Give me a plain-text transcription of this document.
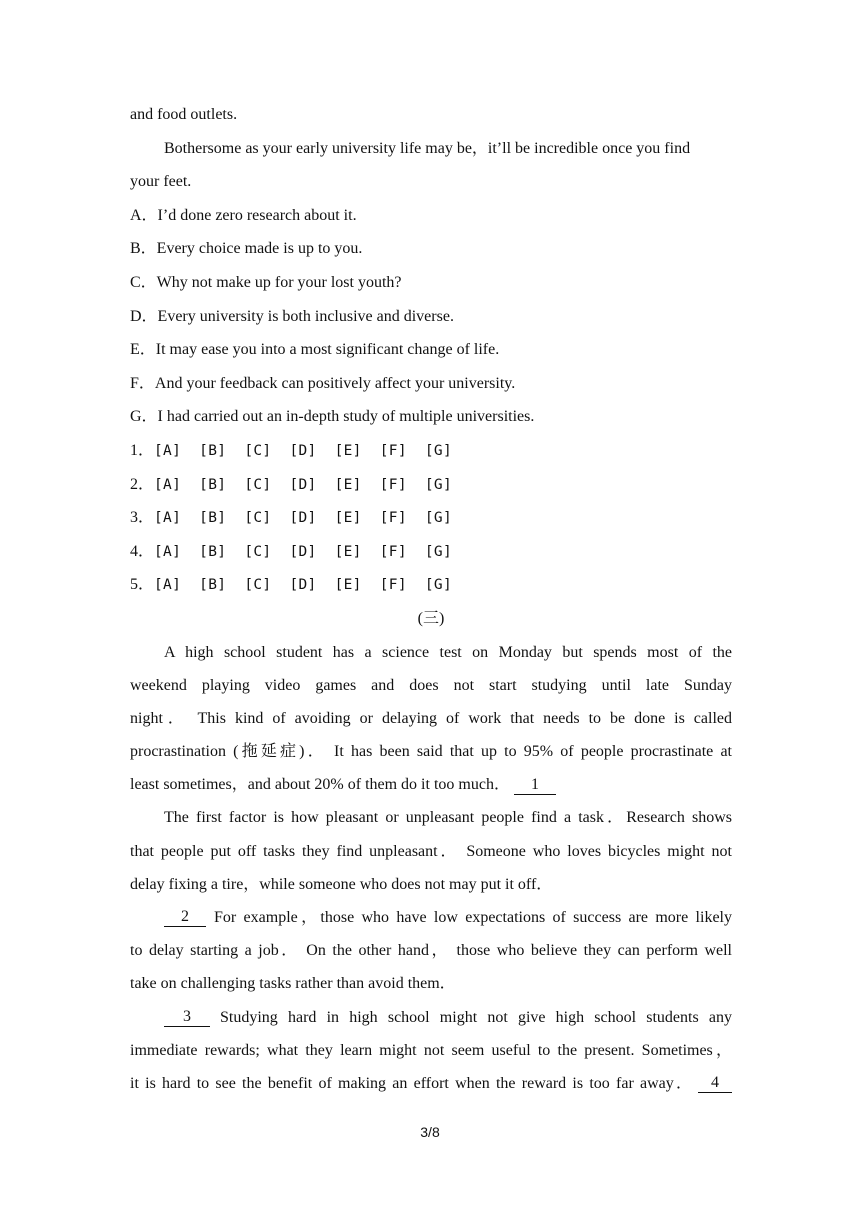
and food outlets.
Bothersome as your early university life may be，it’ll be incredible once you find
your feet.
A．I’d done zero research about it.
B．Every choice made is up to you.
C．Why not make up for your lost youth?
D．Every university is both inclusive and diverse.
E．It may ease you into a most significant change of life.
F．And your feedback can positively affect your university.
G．I had carried out an in-depth study of multiple universities.
1．[A]  [B]  [C]  [D]  [E]  [F]  [G]
2．[A]  [B]  [C]  [D]  [E]  [F]  [G]
3．[A]  [B]  [C]  [D]  [E]  [F]  [G]
4．[A]  [B]  [C]  [D]  [E]  [F]  [G]
5．[A]  [B]  [C]  [D]  [E]  [F]  [G]
(三)
A high school student has a science test on Monday but spends most of the
weekend playing video games and does not start studying until late Sunday
night． This kind of avoiding or delaying of work that needs to be done is called
procrastination (拖延症)． It has been said that up to 95% of people procrastinate at
least sometimes，and about 20% of them do it too much． 1
The first factor is how pleasant or unpleasant people find a task．Research shows
that people put off tasks they find unpleasant． Someone who loves bicycles might not
delay fixing a tire，while someone who does not may put it off．
2	For example，those who have low expectations of success are more likely
to delay starting a job． On the other hand， those who believe they can perform well
take on challenging tasks rather than avoid them．
3	Studying hard in high school might not give high school students any
immediate rewards; what they learn might not seem useful to the present. Sometimes，
it is hard to see the benefit of making an effort when the reward is too far away．	4
3/8
